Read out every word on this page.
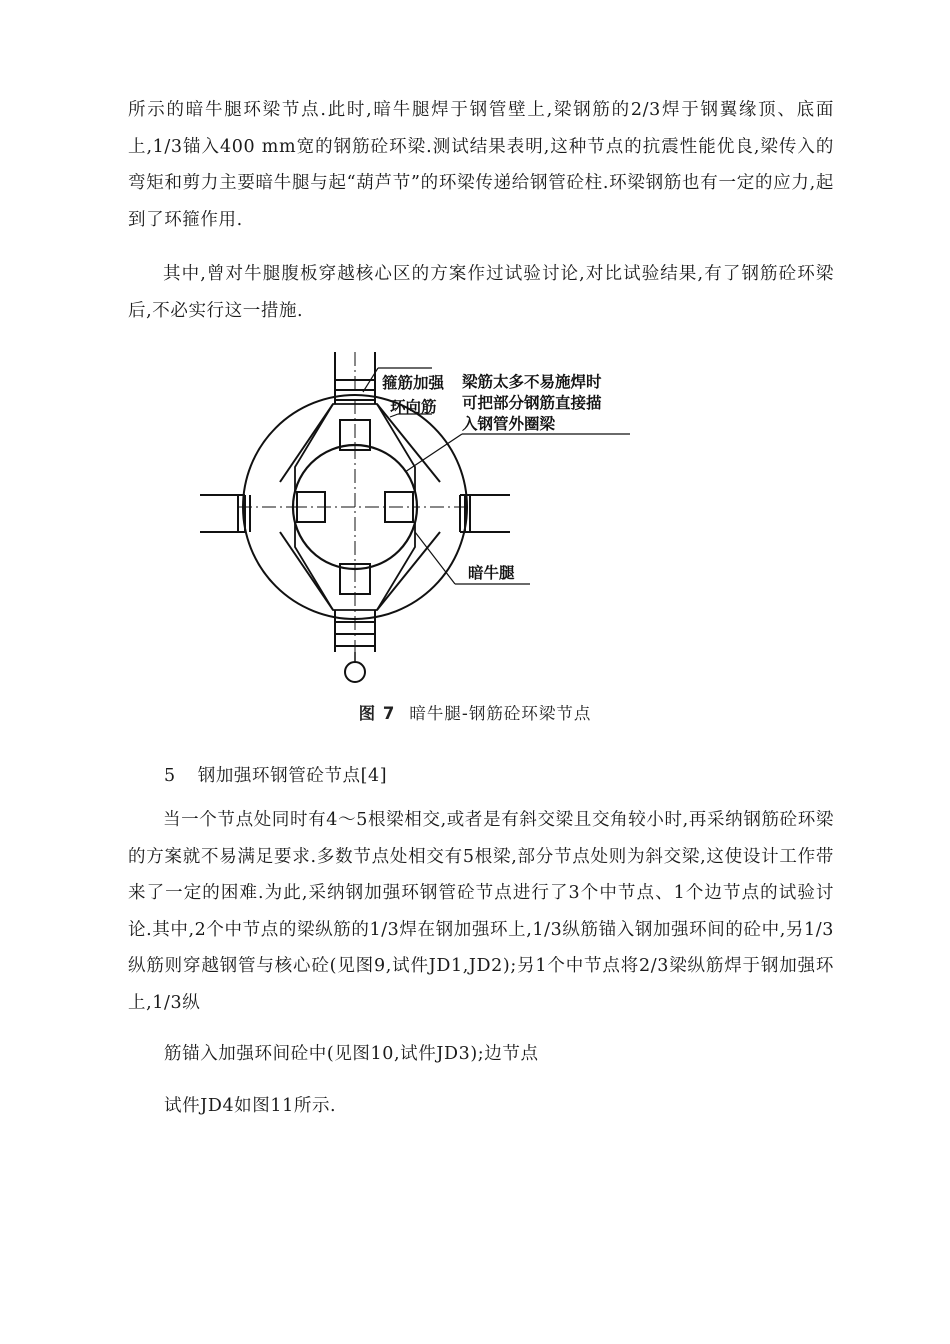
所示的暗牛腿环梁节点.此时,暗牛腿焊于钢管壁上,梁钢筋的2/3焊于钢翼缘顶、底面上,1/3锚入400 mm宽的钢筋砼环梁.测试结果表明,这种节点的抗震性能优良,梁传入的弯矩和剪力主要暗牛腿与起“葫芦节”的环梁传递给钢管砼柱.环梁钢筋也有一定的应力,起到了环箍作用.

其中,曾对牛腿腹板穿越核心区的方案作过试验讨论,对比试验结果,有了钢筋砼环梁后,不必实行这一措施.

箍筋加强
环向筋
梁筋太多不易施焊时
可把部分钢筋直接描
入钢管外圈梁
暗牛腿
图 7 暗牛腿-钢筋砼环梁节点
5 钢加强环钢管砼节点[4]

当一个节点处同时有4～5根梁相交,或者是有斜交梁且交角较小时,再采纳钢筋砼环梁的方案就不易满足要求.多数节点处相交有5根梁,部分节点处则为斜交梁,这使设计工作带来了一定的困难.为此,采纳钢加强环钢管砼节点进行了3个中节点、1个边节点的试验讨论.其中,2个中节点的梁纵筋的1/3焊在钢加强环上,1/3纵筋锚入钢加强环间的砼中,另1/3纵筋则穿越钢管与核心砼(见图9,试件JD1,JD2);另1个中节点将2/3梁纵筋焊于钢加强环上,1/3纵

筋锚入加强环间砼中(见图10,试件JD3);边节点

试件JD4如图11所示.
